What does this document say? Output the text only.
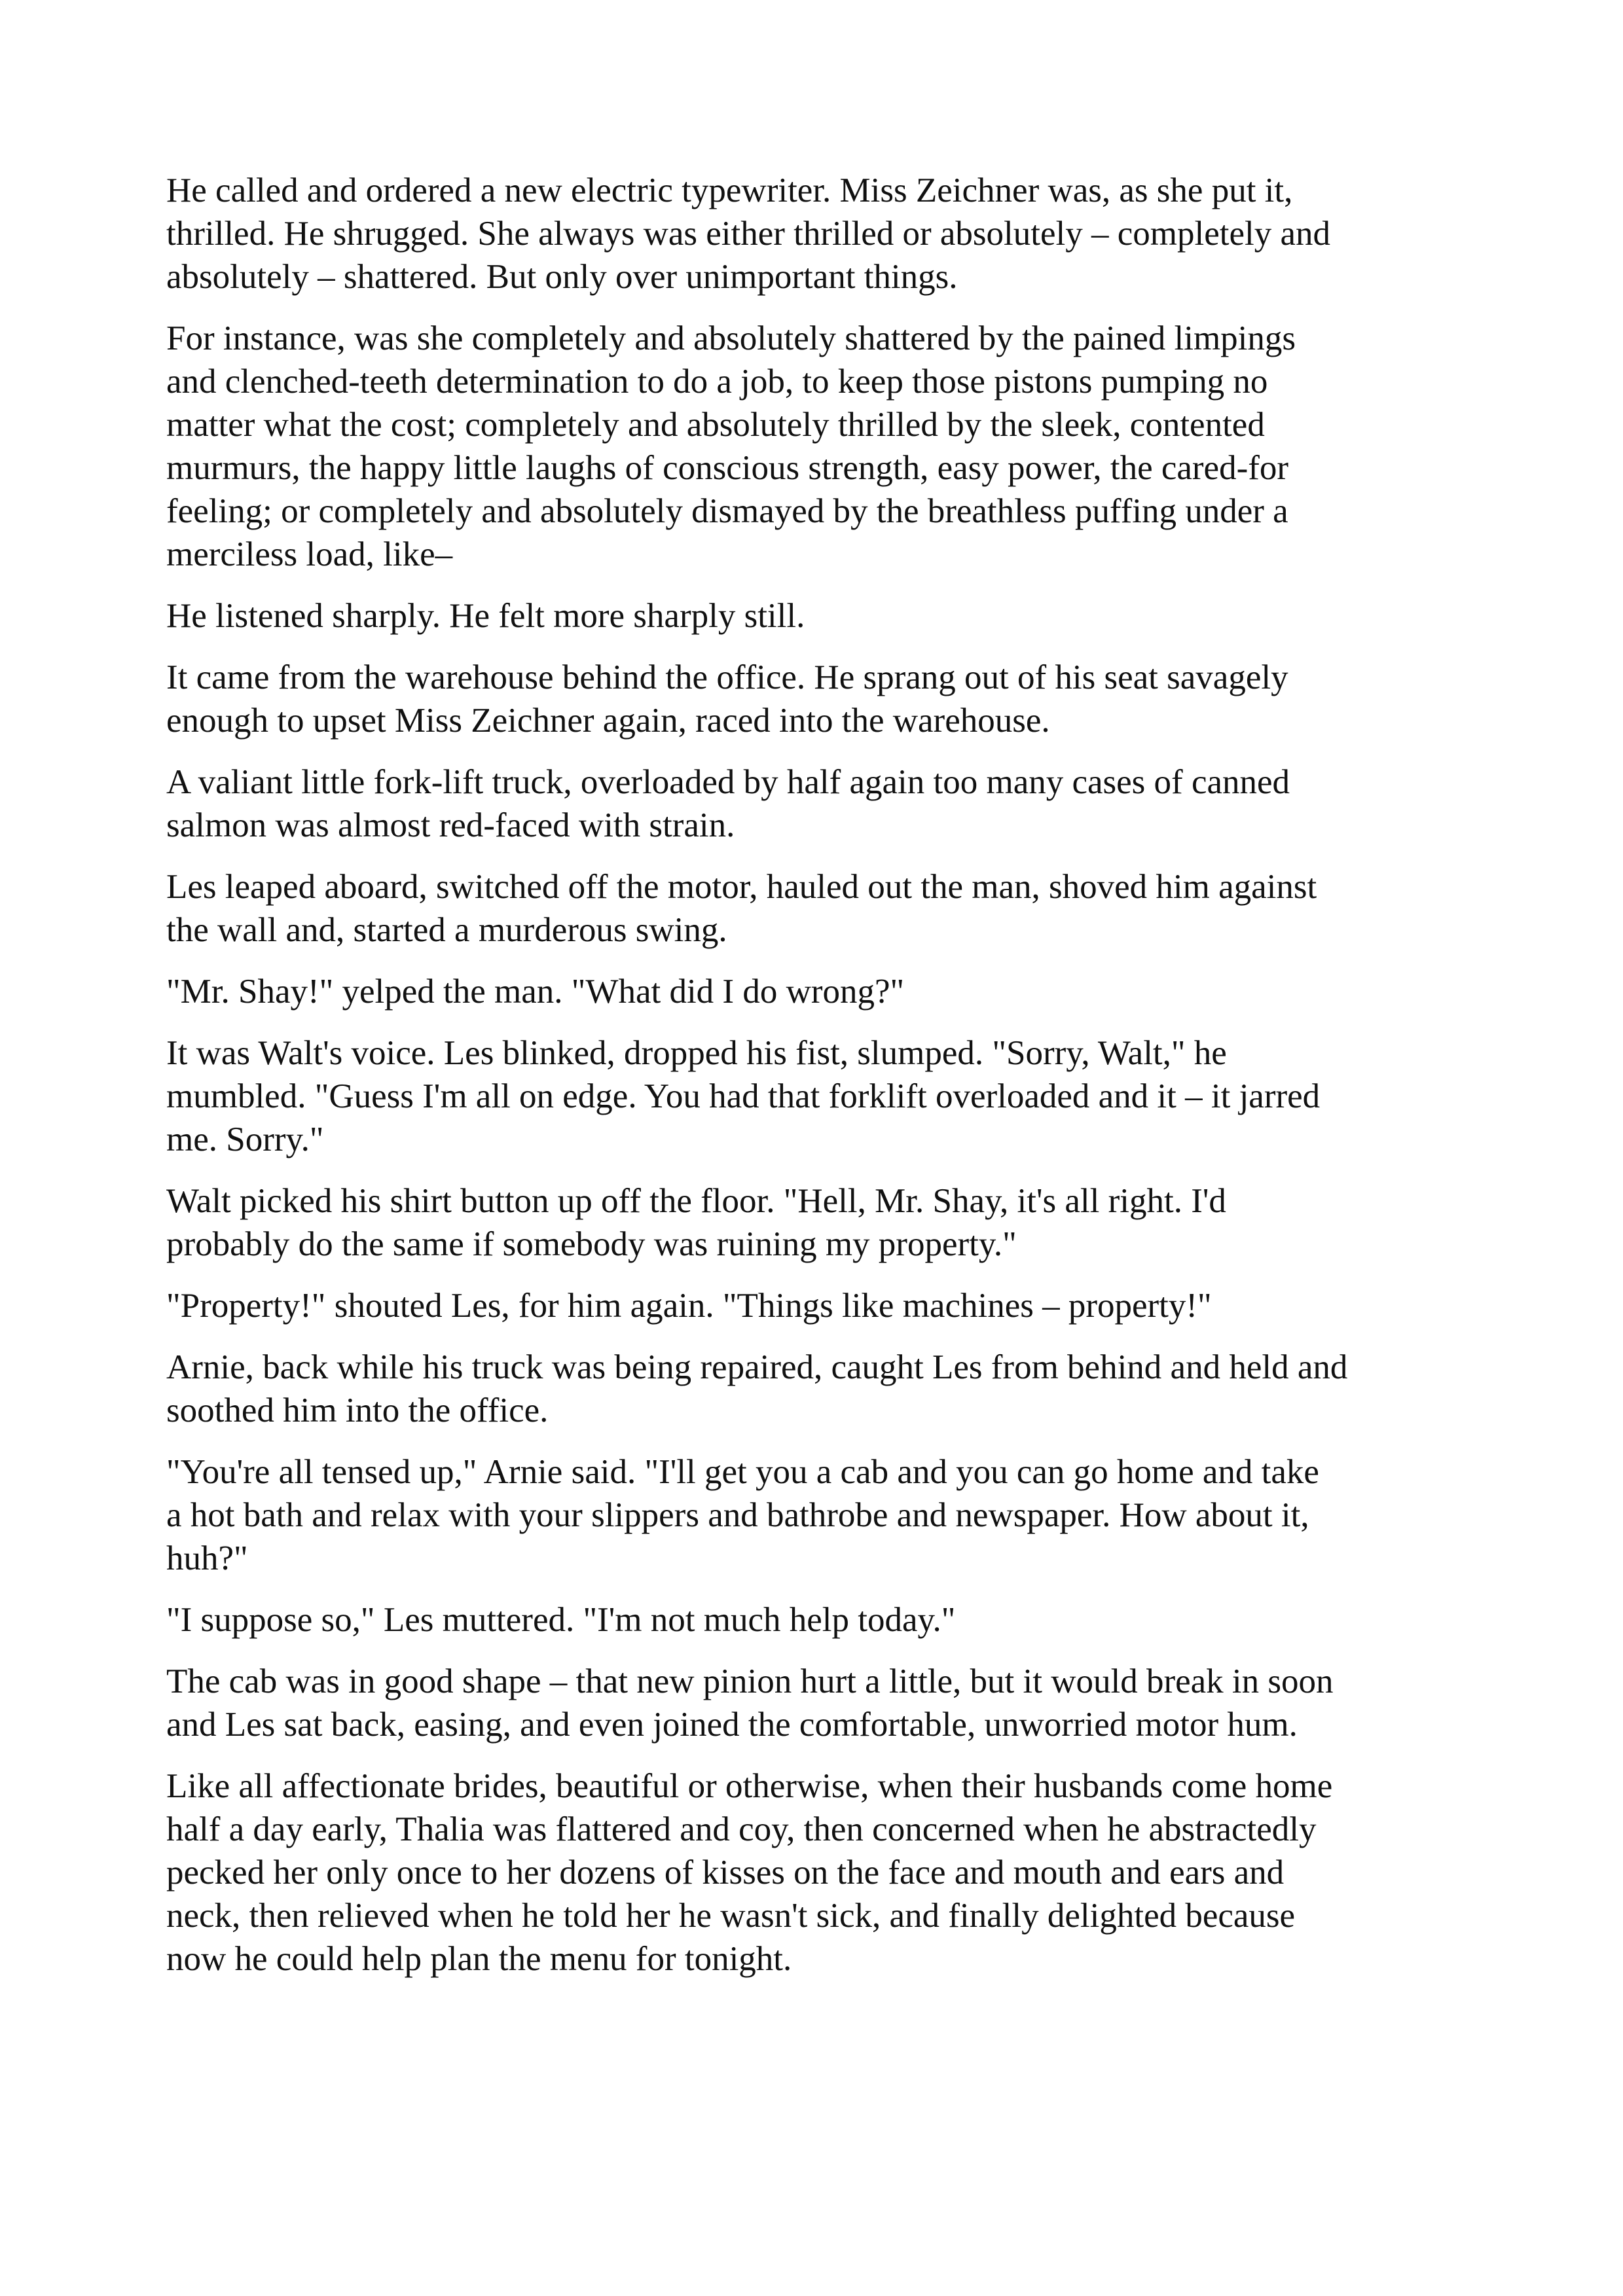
He called and ordered a new electric typewriter. Miss Zeichner was, as she put it,
thrilled. He shrugged. She always was either thrilled or absolutely – completely and
absolutely – shattered. But only over unimportant things.

For instance, was she completely and absolutely shattered by the pained limpings
and clenched-teeth determination to do a job, to keep those pistons pumping no
matter what the cost; completely and absolutely thrilled by the sleek, contented
murmurs, the happy little laughs of conscious strength, easy power, the cared-for
feeling; or completely and absolutely dismayed by the breathless puffing under a
merciless load, like–

He listened sharply. He felt more sharply still.

It came from the warehouse behind the office. He sprang out of his seat savagely
enough to upset Miss Zeichner again, raced into the warehouse.

A valiant little fork-lift truck, overloaded by half again too many cases of canned
salmon was almost red-faced with strain.

Les leaped aboard, switched off the motor, hauled out the man, shoved him against
the wall and, started a murderous swing.

"Mr. Shay!" yelped the man. "What did I do wrong?"

It was Walt's voice. Les blinked, dropped his fist, slumped. "Sorry, Walt," he
mumbled. "Guess I'm all on edge. You had that forklift overloaded and it – it jarred
me. Sorry."

Walt picked his shirt button up off the floor. "Hell, Mr. Shay, it's all right. I'd
probably do the same if somebody was ruining my property."

"Property!" shouted Les, for him again. "Things like machines – property!"

Arnie, back while his truck was being repaired, caught Les from behind and held and
soothed him into the office.

"You're all tensed up," Arnie said. "I'll get you a cab and you can go home and take
a hot bath and relax with your slippers and bathrobe and newspaper. How about it,
huh?"

"I suppose so," Les muttered. "I'm not much help today."

The cab was in good shape – that new pinion hurt a little, but it would break in soon
and Les sat back, easing, and even joined the comfortable, unworried motor hum.

Like all affectionate brides, beautiful or otherwise, when their husbands come home
half a day early, Thalia was flattered and coy, then concerned when he abstractedly
pecked her only once to her dozens of kisses on the face and mouth and ears and
neck, then relieved when he told her he wasn't sick, and finally delighted because
now he could help plan the menu for tonight.
